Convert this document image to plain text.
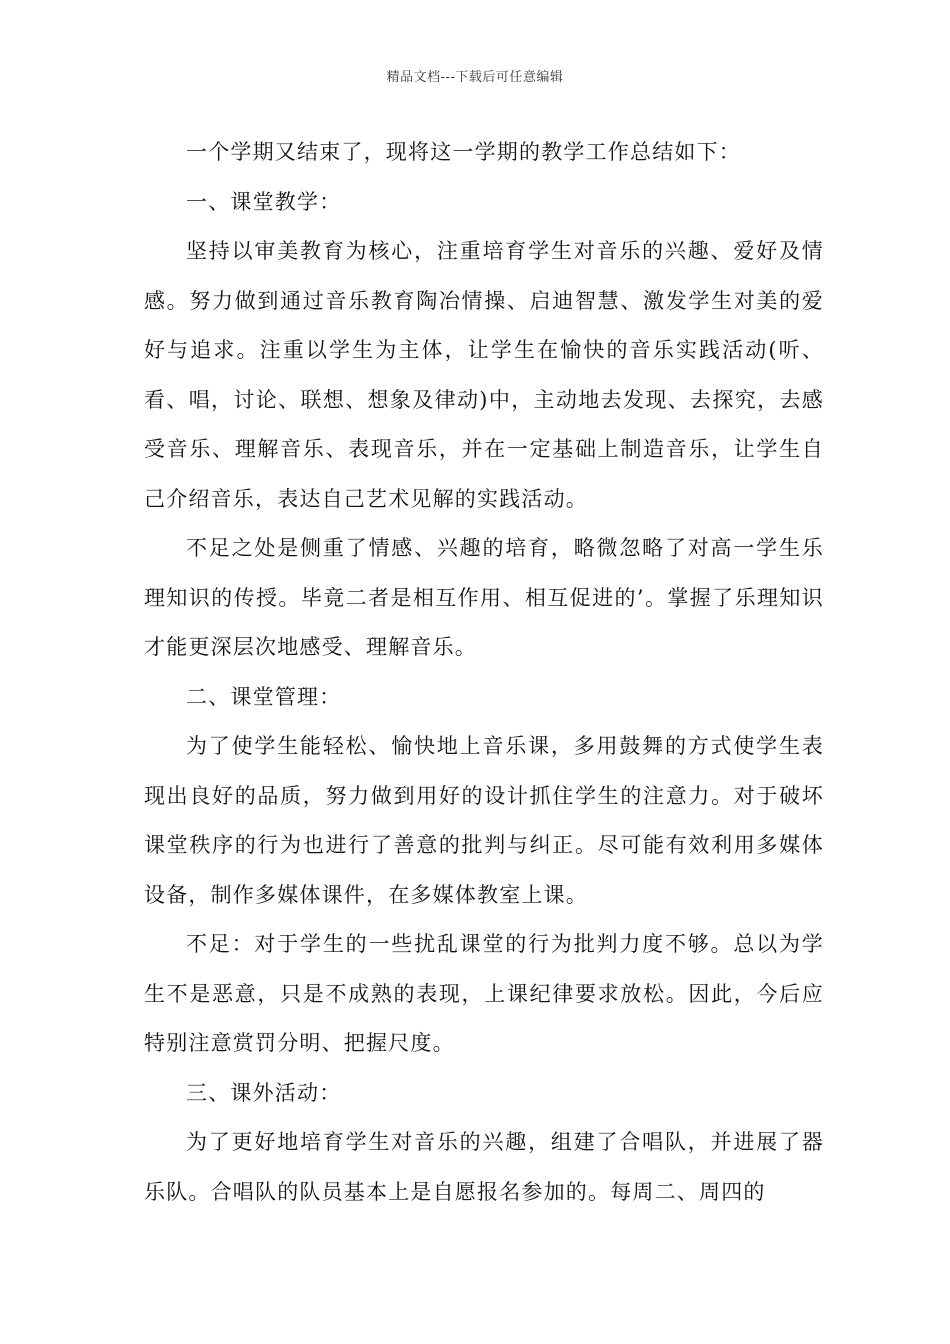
精品文档---下载后可任意编辑

一个学期又结束了，现将这一学期的教学工作总结如下：

一、课堂教学：

坚持以审美教育为核心，注重培育学生对音乐的兴趣、爱好及情感。努力做到通过音乐教育陶冶情操、启迪智慧、激发学生对美的爱好与追求。注重以学生为主体，让学生在愉快的音乐实践活动(听、看、唱，讨论、联想、想象及律动)中，主动地去发现、去探究，去感受音乐、理解音乐、表现音乐，并在一定基础上制造音乐，让学生自己介绍音乐，表达自己艺术见解的实践活动。

不足之处是侧重了情感、兴趣的培育，略微忽略了对高一学生乐理知识的传授。毕竟二者是相互作用、相互促进的’。掌握了乐理知识才能更深层次地感受、理解音乐。

二、课堂管理：

为了使学生能轻松、愉快地上音乐课，多用鼓舞的方式使学生表现出良好的品质，努力做到用好的设计抓住学生的注意力。对于破坏课堂秩序的行为也进行了善意的批判与纠正。尽可能有效利用多媒体设备，制作多媒体课件，在多媒体教室上课。

不足：对于学生的一些扰乱课堂的行为批判力度不够。总以为学生不是恶意，只是不成熟的表现，上课纪律要求放松。因此，今后应特别注意赏罚分明、把握尺度。

三、课外活动：

为了更好地培育学生对音乐的兴趣，组建了合唱队，并进展了器乐队。合唱队的队员基本上是自愿报名参加的。每周二、周四的
